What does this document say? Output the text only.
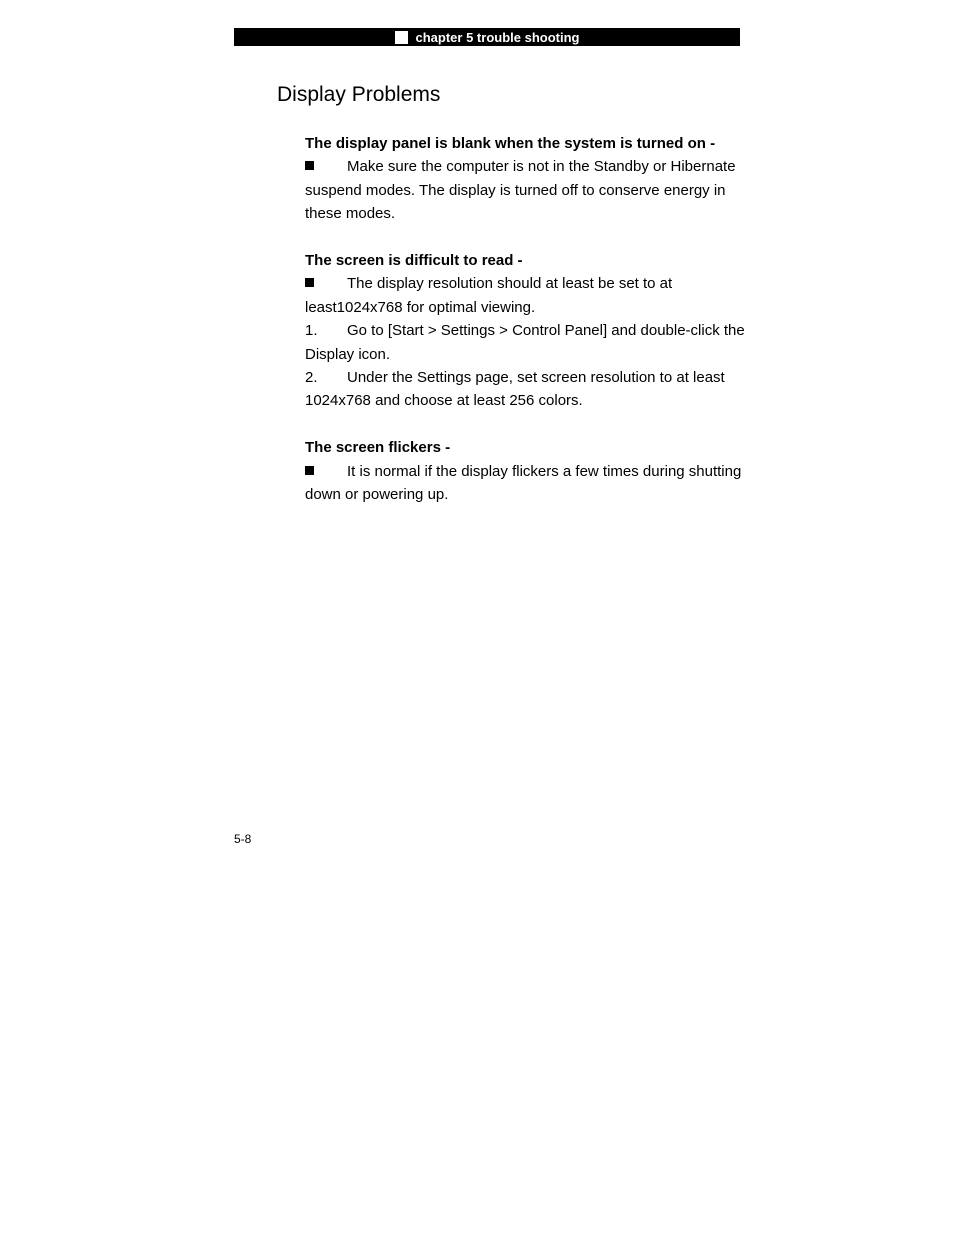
chapter 5 trouble shooting
Display Problems

The display panel is blank when the system is turned on -

Make sure the computer is not in the Standby or Hibernate suspend modes. The display is turned off to conserve energy in these modes.

The screen is difficult to read -

The display resolution should at least be set to at least1024x768 for optimal viewing.

1. Go to [Start > Settings > Control Panel] and double-click the Display icon.

2. Under the Settings page, set screen resolution to at least 1024x768 and choose at least 256 colors.

The screen flickers -

It is normal if the display flickers a few times during shutting down or powering up.

5-8
